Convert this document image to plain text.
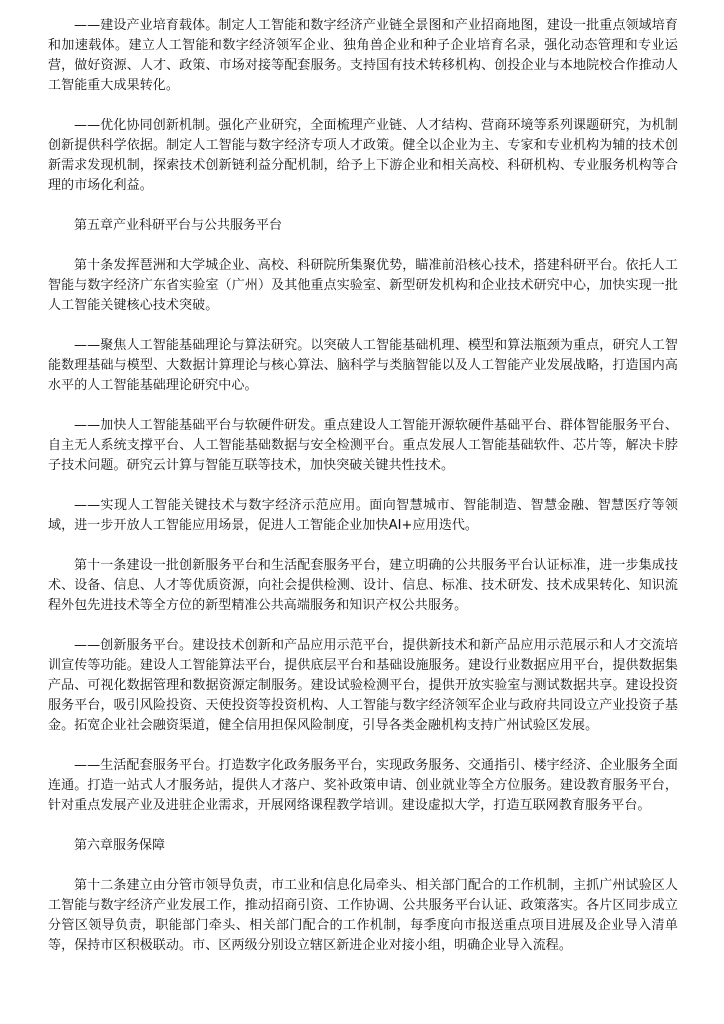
——建设产业培育载体。制定人工智能和数字经济产业链全景图和产业招商地图，建设一批重点领域培育和加速载体。建立人工智能和数字经济领军企业、独角兽企业和种子企业培育名录，强化动态管理和专业运营，做好资源、人才、政策、市场对接等配套服务。支持国有技术转移机构、创投企业与本地院校合作推动人工智能重大成果转化。

——优化协同创新机制。强化产业研究，全面梳理产业链、人才结构、营商环境等系列课题研究，为机制创新提供科学依据。制定人工智能与数字经济专项人才政策。健全以企业为主、专家和专业机构为辅的技术创新需求发现机制，探索技术创新链利益分配机制，给予上下游企业和相关高校、科研机构、专业服务机构等合理的市场化利益。

第五章产业科研平台与公共服务平台

第十条发挥琶洲和大学城企业、高校、科研院所集聚优势，瞄准前沿核心技术，搭建科研平台。依托人工智能与数字经济广东省实验室（广州）及其他重点实验室、新型研发机构和企业技术研究中心，加快实现一批人工智能关键核心技术突破。

——聚焦人工智能基础理论与算法研究。以突破人工智能基础机理、模型和算法瓶颈为重点，研究人工智能数理基础与模型、大数据计算理论与核心算法、脑科学与类脑智能以及人工智能产业发展战略，打造国内高水平的人工智能基础理论研究中心。

——加快人工智能基础平台与软硬件研发。重点建设人工智能开源软硬件基础平台、群体智能服务平台、自主无人系统支撑平台、人工智能基础数据与安全检测平台。重点发展人工智能基础软件、芯片等，解决卡脖子技术问题。研究云计算与智能互联等技术，加快突破关键共性技术。

——实现人工智能关键技术与数字经济示范应用。面向智慧城市、智能制造、智慧金融、智慧医疗等领域，进一步开放人工智能应用场景，促进人工智能企业加快AI+应用迭代。

第十一条建设一批创新服务平台和生活配套服务平台，建立明确的公共服务平台认证标准，进一步集成技术、设备、信息、人才等优质资源，向社会提供检测、设计、信息、标准、技术研发、技术成果转化、知识流程外包先进技术等全方位的新型精准公共高端服务和知识产权公共服务。

——创新服务平台。建设技术创新和产品应用示范平台，提供新技术和新产品应用示范展示和人才交流培训宣传等功能。建设人工智能算法平台，提供底层平台和基础设施服务。建设行业数据应用平台，提供数据集产品、可视化数据管理和数据资源定制服务。建设试验检测平台，提供开放实验室与测试数据共享。建设投资服务平台，吸引风险投资、天使投资等投资机构、人工智能与数字经济领军企业与政府共同设立产业投资子基金。拓宽企业社会融资渠道，健全信用担保风险制度，引导各类金融机构支持广州试验区发展。

——生活配套服务平台。打造数字化政务服务平台，实现政务服务、交通指引、楼宇经济、企业服务全面连通。打造一站式人才服务站，提供人才落户、奖补政策申请、创业就业等全方位服务。建设教育服务平台，针对重点发展产业及进驻企业需求，开展网络课程教学培训。建设虚拟大学，打造互联网教育服务平台。

第六章服务保障

第十二条建立由分管市领导负责，市工业和信息化局牵头、相关部门配合的工作机制，主抓广州试验区人工智能与数字经济产业发展工作，推动招商引资、工作协调、公共服务平台认证、政策落实。各片区同步成立分管区领导负责，职能部门牵头、相关部门配合的工作机制，每季度向市报送重点项目进展及企业导入清单等，保持市区积极联动。市、区两级分别设立辖区新进企业对接小组，明确企业导入流程。
